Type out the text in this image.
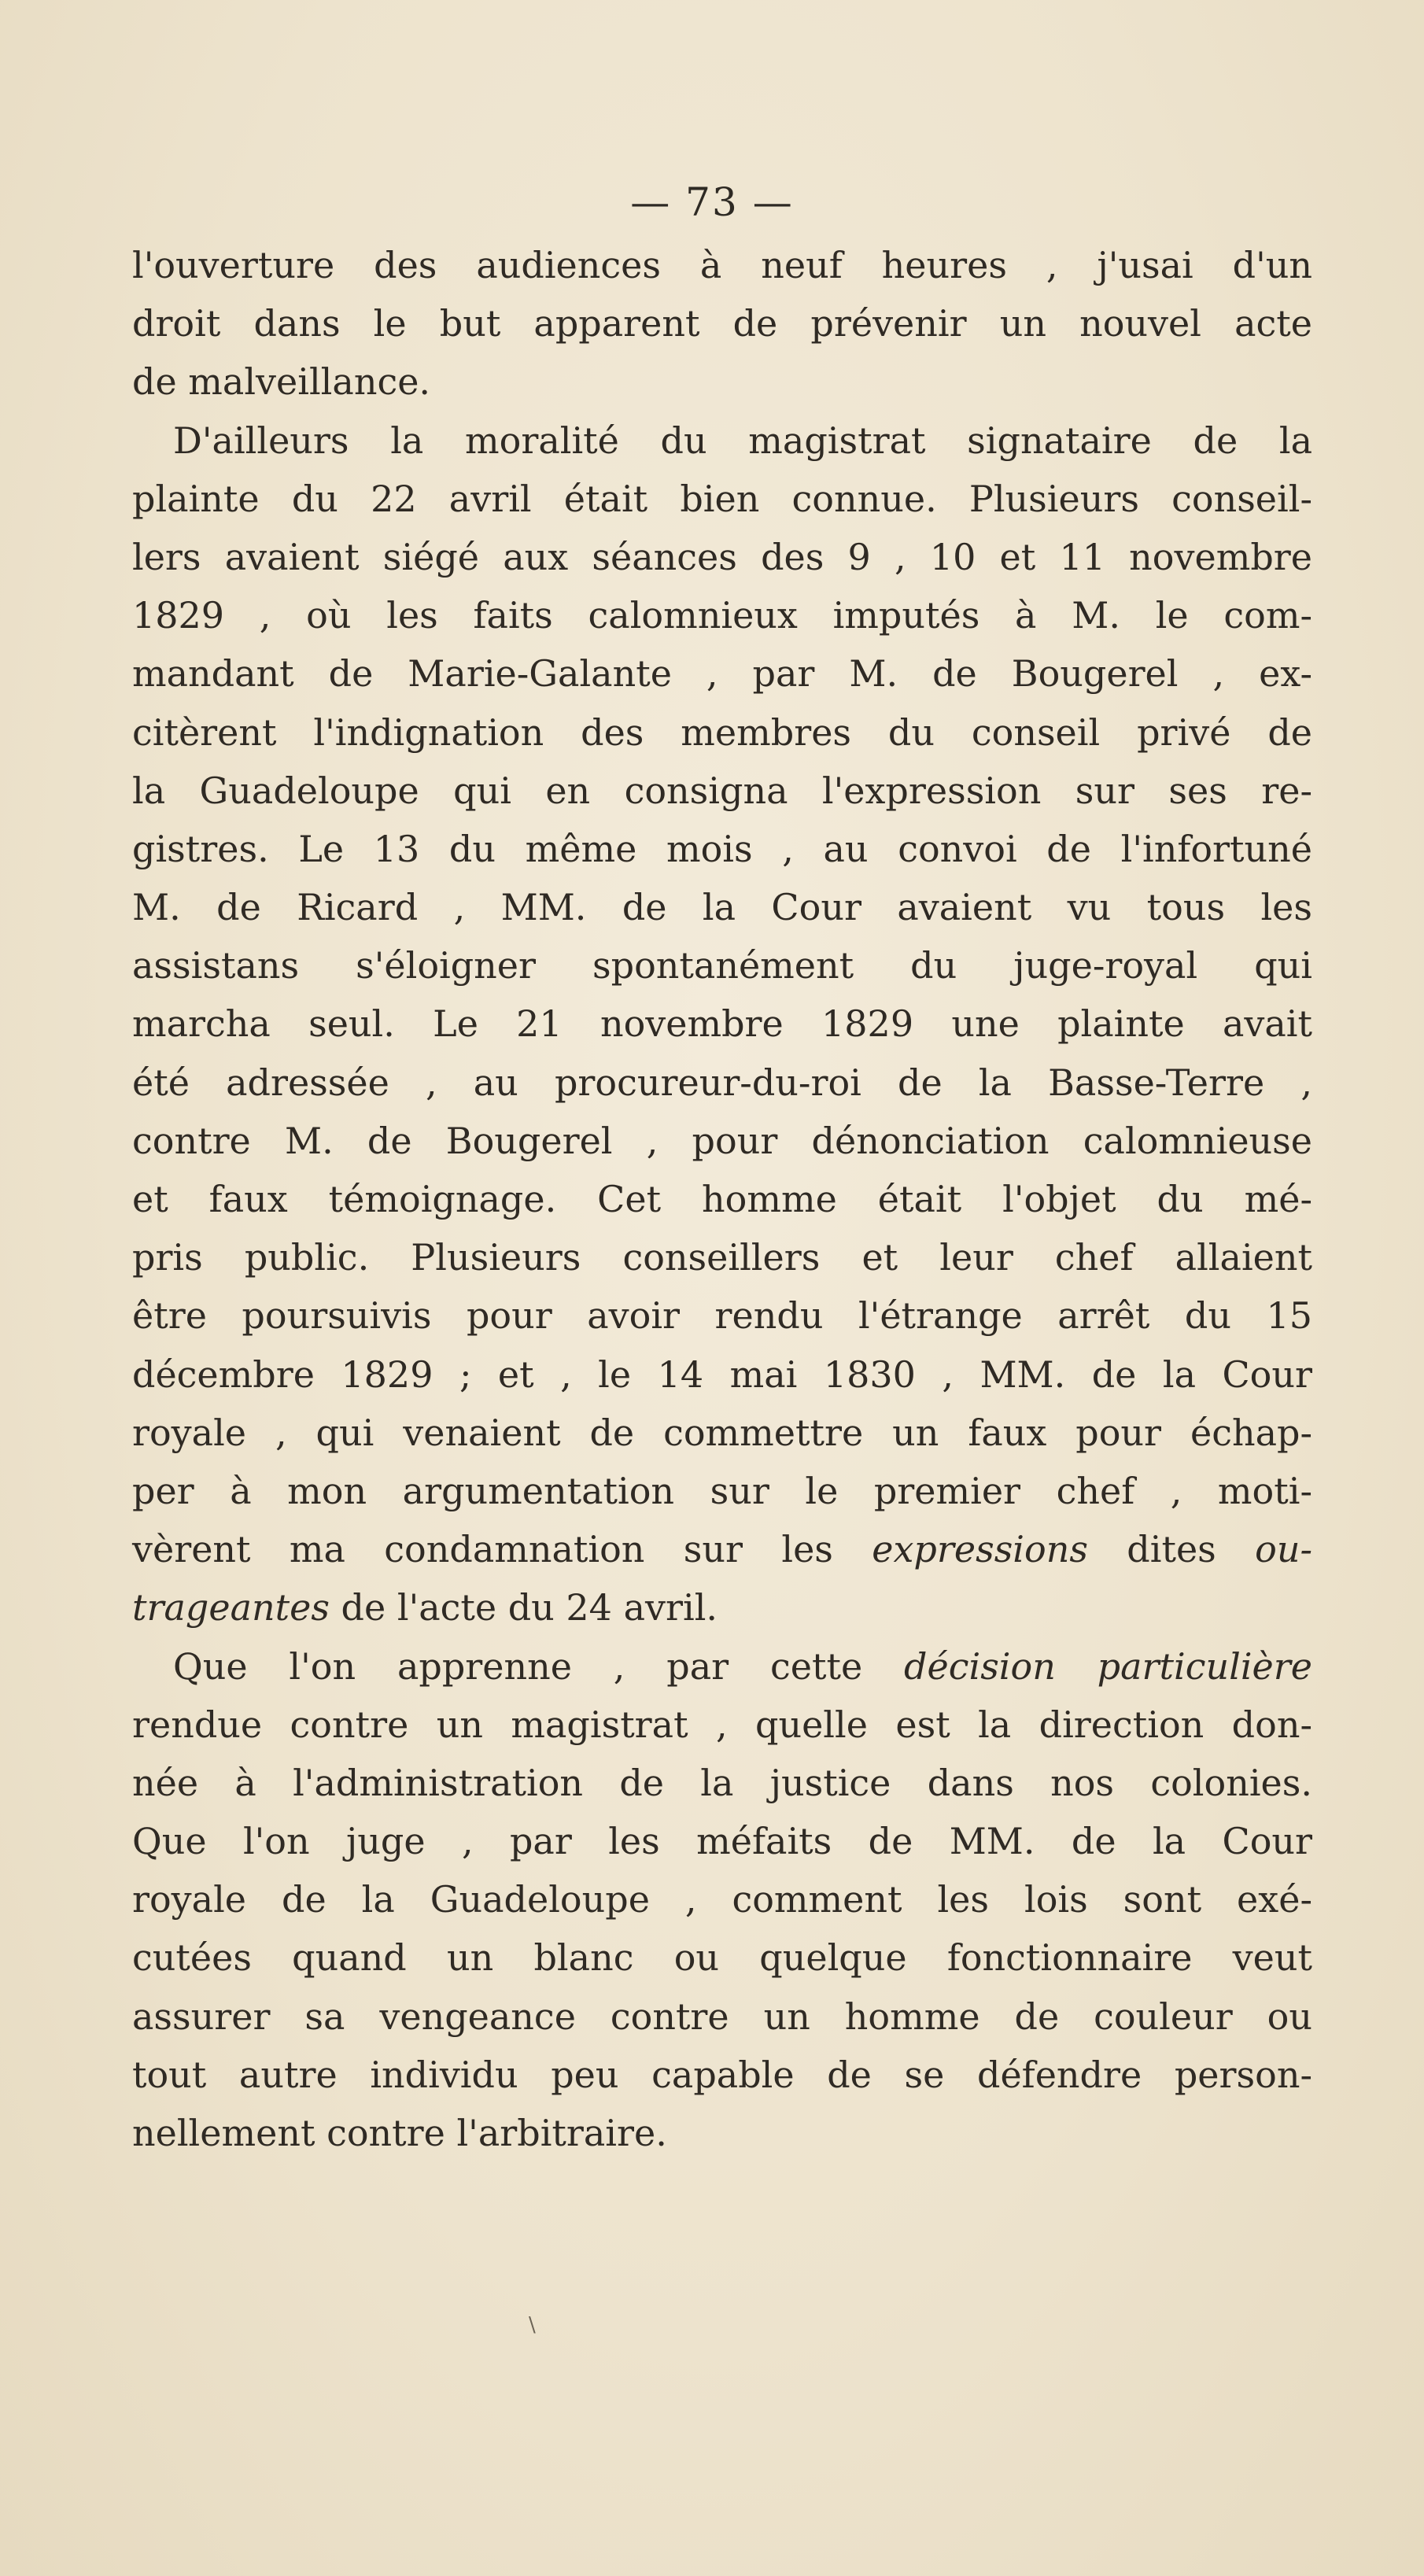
— 73 —
l'ouverture des audiences à neuf heures , j'usai d'un
droit dans le but apparent de prévenir un nouvel acte
de malveillance.
D'ailleurs la moralité du magistrat signataire de la
plainte du 22 avril était bien connue. Plusieurs conseil-
lers avaient siégé aux séances des 9 , 10 et 11 novembre
1829 , où les faits calomnieux imputés à M. le com-
mandant de Marie-Galante , par M. de Bougerel , ex-
citèrent l'indignation des membres du conseil privé de
la Guadeloupe qui en consigna l'expression sur ses re-
gistres. Le 13 du même mois , au convoi de l'infortuné
M. de Ricard , MM. de la Cour avaient vu tous les
assistans s'éloigner spontanément du juge-royal qui
marcha seul. Le 21 novembre 1829 une plainte avait
été adressée , au procureur-du-roi de la Basse-Terre ,
contre M. de Bougerel , pour dénonciation calomnieuse
et faux témoignage. Cet homme était l'objet du mé-
pris public. Plusieurs conseillers et leur chef allaient
être poursuivis pour avoir rendu l'étrange arrêt du 15
décembre 1829 ; et , le 14 mai 1830 , MM. de la Cour
royale , qui venaient de commettre un faux pour échap-
per à mon argumentation sur le premier chef , moti-
vèrent ma condamnation sur les expressions dites ou-
trageantes de l'acte du 24 avril.
Que l'on apprenne , par cette décision particulière
rendue contre un magistrat , quelle est la direction don-
née à l'administration de la justice dans nos colonies.
Que l'on juge , par les méfaits de MM. de la Cour
royale de la Guadeloupe , comment les lois sont exé-
cutées quand un blanc ou quelque fonctionnaire veut
assurer sa vengeance contre un homme de couleur ou
tout autre individu peu capable de se défendre person-
nellement contre l'arbitraire.
\
